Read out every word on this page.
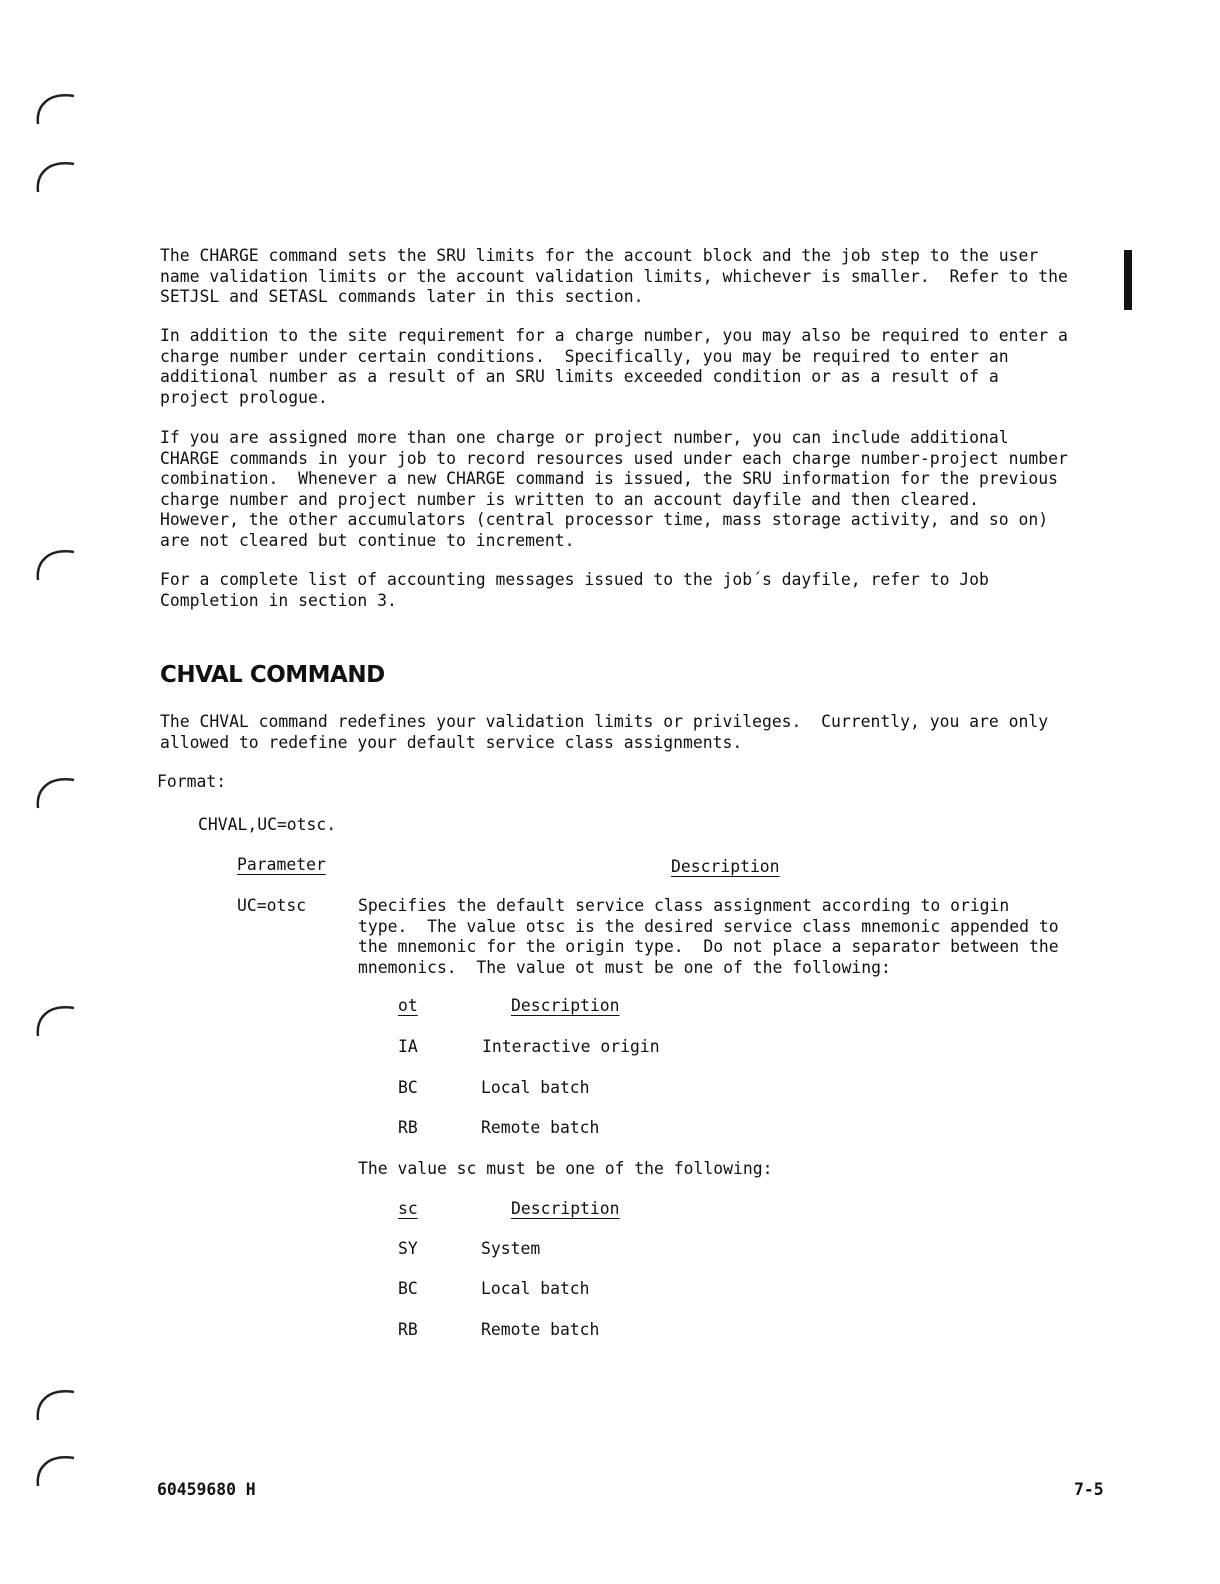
The CHARGE command sets the SRU limits for the account block and the job step to the user
name validation limits or the account validation limits, whichever is smaller.  Refer to the
SETJSL and SETASL commands later in this section.

In addition to the site requirement for a charge number, you may also be required to enter a
charge number under certain conditions.  Specifically, you may be required to enter an
additional number as a result of an SRU limits exceeded condition or as a result of a
project prologue.

If you are assigned more than one charge or project number, you can include additional
CHARGE commands in your job to record resources used under each charge number-project number
combination.  Whenever a new CHARGE command is issued, the SRU information for the previous
charge number and project number is written to an account dayfile and then cleared.
However, the other accumulators (central processor time, mass storage activity, and so on)
are not cleared but continue to increment.

For a complete list of accounting messages issued to the job´s dayfile, refer to Job
Completion in section 3.

CHVAL COMMAND

The CHVAL command redefines your validation limits or privileges.  Currently, you are only
allowed to redefine your default service class assignments.

Format:

CHVAL,UC=otsc.

Parameter	Description

UC=otsc	Specifies the default service class assignment according to origin
type.  The value otsc is the desired service class mnemonic appended to
the mnemonic for the origin type.  Do not place a separator between the
mnemonics.  The value ot must be one of the following:

ot	Description

IA	Interactive origin

BC	Local batch

RB	Remote batch

The value sc must be one of the following:

sc	Description

SY	System

BC	Local batch

RB	Remote batch

60459680 H	7-5
